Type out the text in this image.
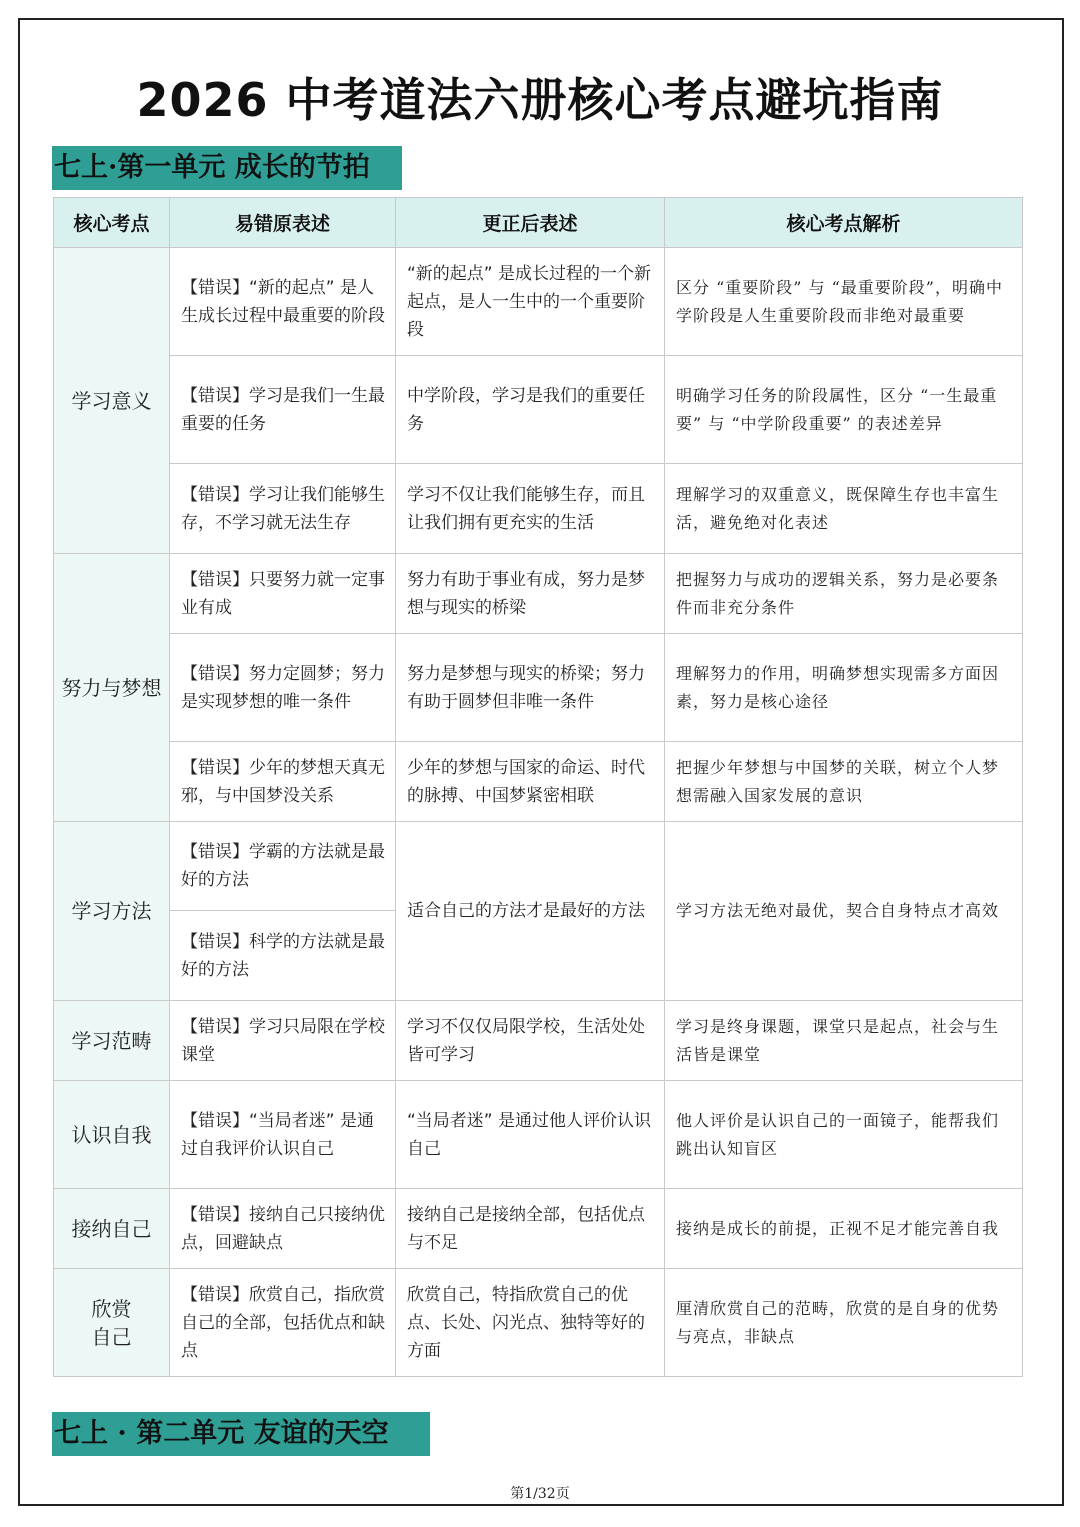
2026 中考道法六册核心考点避坑指南
七上·第一单元 成长的节拍
核心考点	易错原表述	更正后表述	核心考点解析
学习意义	【错误】“新的起点” 是人生成长过程中最重要的阶段	“新的起点” 是成长过程的一个新起点，是人一生中的一个重要阶段	区分 “重要阶段” 与 “最重要阶段”，明确中学阶段是人生重要阶段而非绝对最重要
	【错误】学习是我们一生最重要的任务	中学阶段，学习是我们的重要任务	明确学习任务的阶段属性，区分 “一生最重要” 与 “中学阶段重要” 的表述差异
	【错误】学习让我们能够生存，不学习就无法生存	学习不仅让我们能够生存，而且让我们拥有更充实的生活	理解学习的双重意义，既保障生存也丰富生活，避免绝对化表述
努力与梦想	【错误】只要努力就一定事业有成	努力有助于事业有成，努力是梦想与现实的桥梁	把握努力与成功的逻辑关系，努力是必要条件而非充分条件
	【错误】努力定圆梦；努力是实现梦想的唯一条件	努力是梦想与现实的桥梁；努力有助于圆梦但非唯一条件	理解努力的作用，明确梦想实现需多方面因素，努力是核心途径
	【错误】少年的梦想天真无邪，与中国梦没关系	少年的梦想与国家的命运、时代的脉搏、中国梦紧密相联	把握少年梦想与中国梦的关联，树立个人梦想需融入国家发展的意识
学习方法	【错误】学霸的方法就是最好的方法	适合自己的方法才是最好的方法	学习方法无绝对最优，契合自身特点才高效
	【错误】科学的方法就是最好的方法		
学习范畴	【错误】学习只局限在学校课堂	学习不仅仅局限学校，生活处处皆可学习	学习是终身课题，课堂只是起点，社会与生活皆是课堂
认识自我	【错误】“当局者迷” 是通过自我评价认识自己	“当局者迷” 是通过他人评价认识自己	他人评价是认识自己的一面镜子，能帮我们跳出认知盲区
接纳自己	【错误】接纳自己只接纳优点，回避缺点	接纳自己是接纳全部，包括优点与不足	接纳是成长的前提，正视不足才能完善自我
欣赏自己	【错误】欣赏自己，指欣赏自己的全部，包括优点和缺点	欣赏自己，特指欣赏自己的优点、长处、闪光点、独特等好的方面	厘清欣赏自己的范畴，欣赏的是自身的优势与亮点，非缺点
七上 · 第二单元 友谊的天空
第1/32页
